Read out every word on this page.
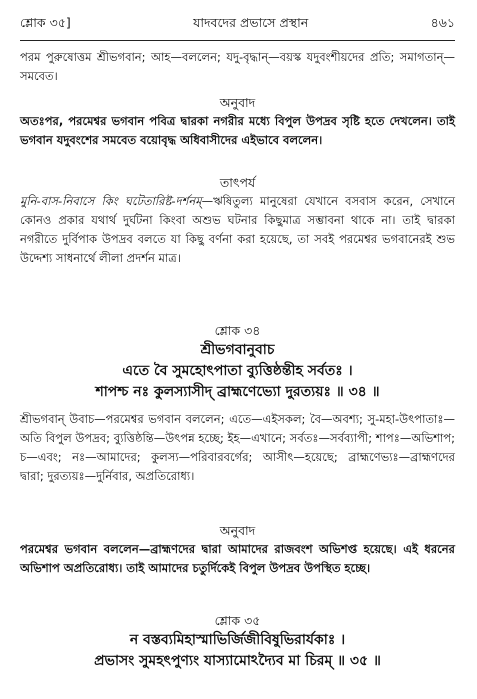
শ্লোক ৩৫]	যাদবদের প্রভাসে প্রস্থান	৪৬১

পরম পুরুষোত্তম শ্রীভগবান; আহ—বললেন; যদু-বৃদ্ধান্—বয়স্ক যদুবংশীয়দের প্রতি; সমাগতান্—সমবেত।

অনুবাদ

অতঃপর, পরমেশ্বর ভগবান পবিত্র দ্বারকা নগরীর মধ্যে বিপুল উপদ্রব সৃষ্টি হতে দেখলেন। তাই ভগবান যদুবংশের সমবেত বয়োবৃদ্ধ অধিবাসীদের এইভাবে বললেন।

তাৎপর্য

মুনি-বাস-নিবাসে কিং ঘটেতারিষ্ট-দর্শনম্—ঋষিতুল্য মানুষেরা যেখানে বসবাস করেন, সেখানে কোনও প্রকার যথার্থ দুর্ঘটনা কিংবা অশুভ ঘটনার কিছুমাত্র সম্ভাবনা থাকে না। তাই দ্বারকা নগরীতে দুর্বিপাক উপদ্রব বলতে যা কিছু বর্ণনা করা হয়েছে, তা সবই পরমেশ্বর ভগবানেরই শুভ উদ্দেশ্য সাধনার্থে লীলা প্রদর্শন মাত্র।

শ্লোক ৩৪

শ্রীভগবানুবাচ

এতে বৈ সুমহোৎপাতা ব্যুত্তিষ্ঠন্তীহ সর্বতঃ ।

শাপশ্চ নঃ কুলস্যাসীদ্ ব্রাহ্মণেভ্যো দুরত্যয়ঃ ॥ ৩৪ ॥

শ্রীভগবান্ উবাচ—পরমেশ্বর ভগবান বললেন; এতে—এইসকল; বৈ—অবশ্য; সু-মহা-উৎপাতাঃ—অতি বিপুল উপদ্রব; ব্যুত্তিষ্ঠন্তি—উৎপন্ন হচ্ছে; ইহ—এখানে; সর্বতঃ—সর্বব্যাপী; শাপঃ—অভিশাপ; চ—এবং; নঃ—আমাদের; কুলস্য—পরিবারবর্গের; আসীৎ—হয়েছে; ব্রাহ্মণেভ্যঃ—ব্রাহ্মণদের দ্বারা; দুরত্যয়ঃ—দুর্নিবার, অপ্রতিরোধ্য।

অনুবাদ

পরমেশ্বর ভগবান বললেন—ব্রাহ্মণদের দ্বারা আমাদের রাজবংশ অভিশপ্ত হয়েছে। এই ধরনের অভিশাপ অপ্রতিরোধ্য। তাই আমাদের চতুর্দিকেই বিপুল উপদ্রব উপস্থিত হচ্ছে।

শ্লোক ৩৫

ন বস্তব্যমিহাস্মাভির্জিজীবিষুভিরার্যকাঃ ।

প্রভাসং সুমহৎপুণ্যং যাস্যামোঽদ্যৈব মা চিরম্ ॥ ৩৫ ॥
